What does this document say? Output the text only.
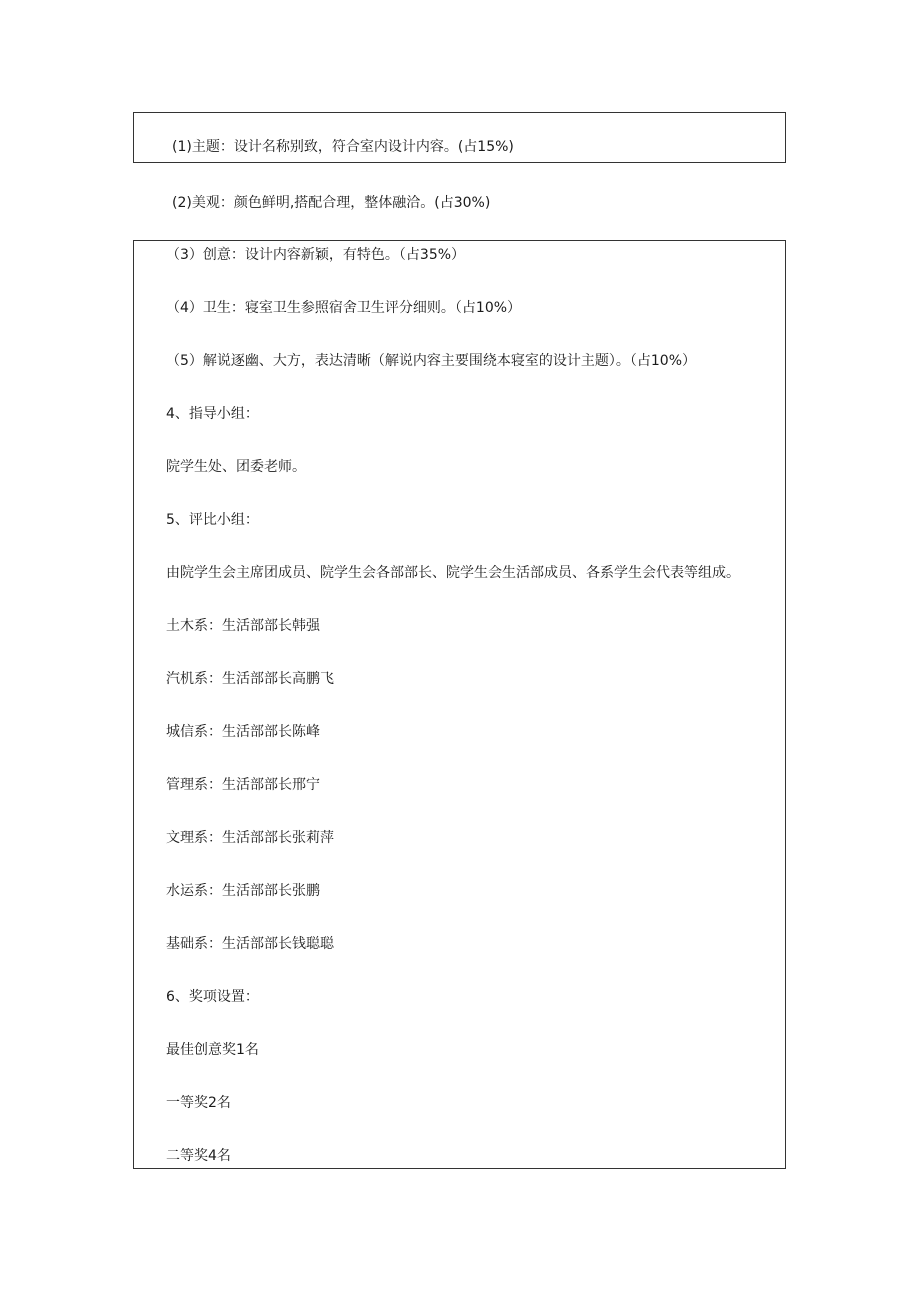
(1)主题：设计名称别致，符合室内设计内容。(占15%)
(2)美观：颜色鲜明,搭配合理，整体融洽。(占30%)
（3）创意：设计内容新颖，有特色。（占35%）
（4）卫生：寝室卫生参照宿舍卫生评分细则。（占10%）
（5）解说逐幽、大方，表达清晰（解说内容主要围绕本寝室的设计主题）。（占10%）
4、指导小组：
院学生处、团委老师。
5、评比小组：
由院学生会主席团成员、院学生会各部部长、院学生会生活部成员、各系学生会代表等组成。
土木系：生活部部长韩强
汽机系：生活部部长高鹏飞
城信系：生活部部长陈峰
管理系：生活部部长邢宁
文理系：生活部部长张莉萍
水运系：生活部部长张鹏
基础系：生活部部长钱聪聪
6、奖项设置：
最佳创意奖1名
一等奖2名
二等奖4名
